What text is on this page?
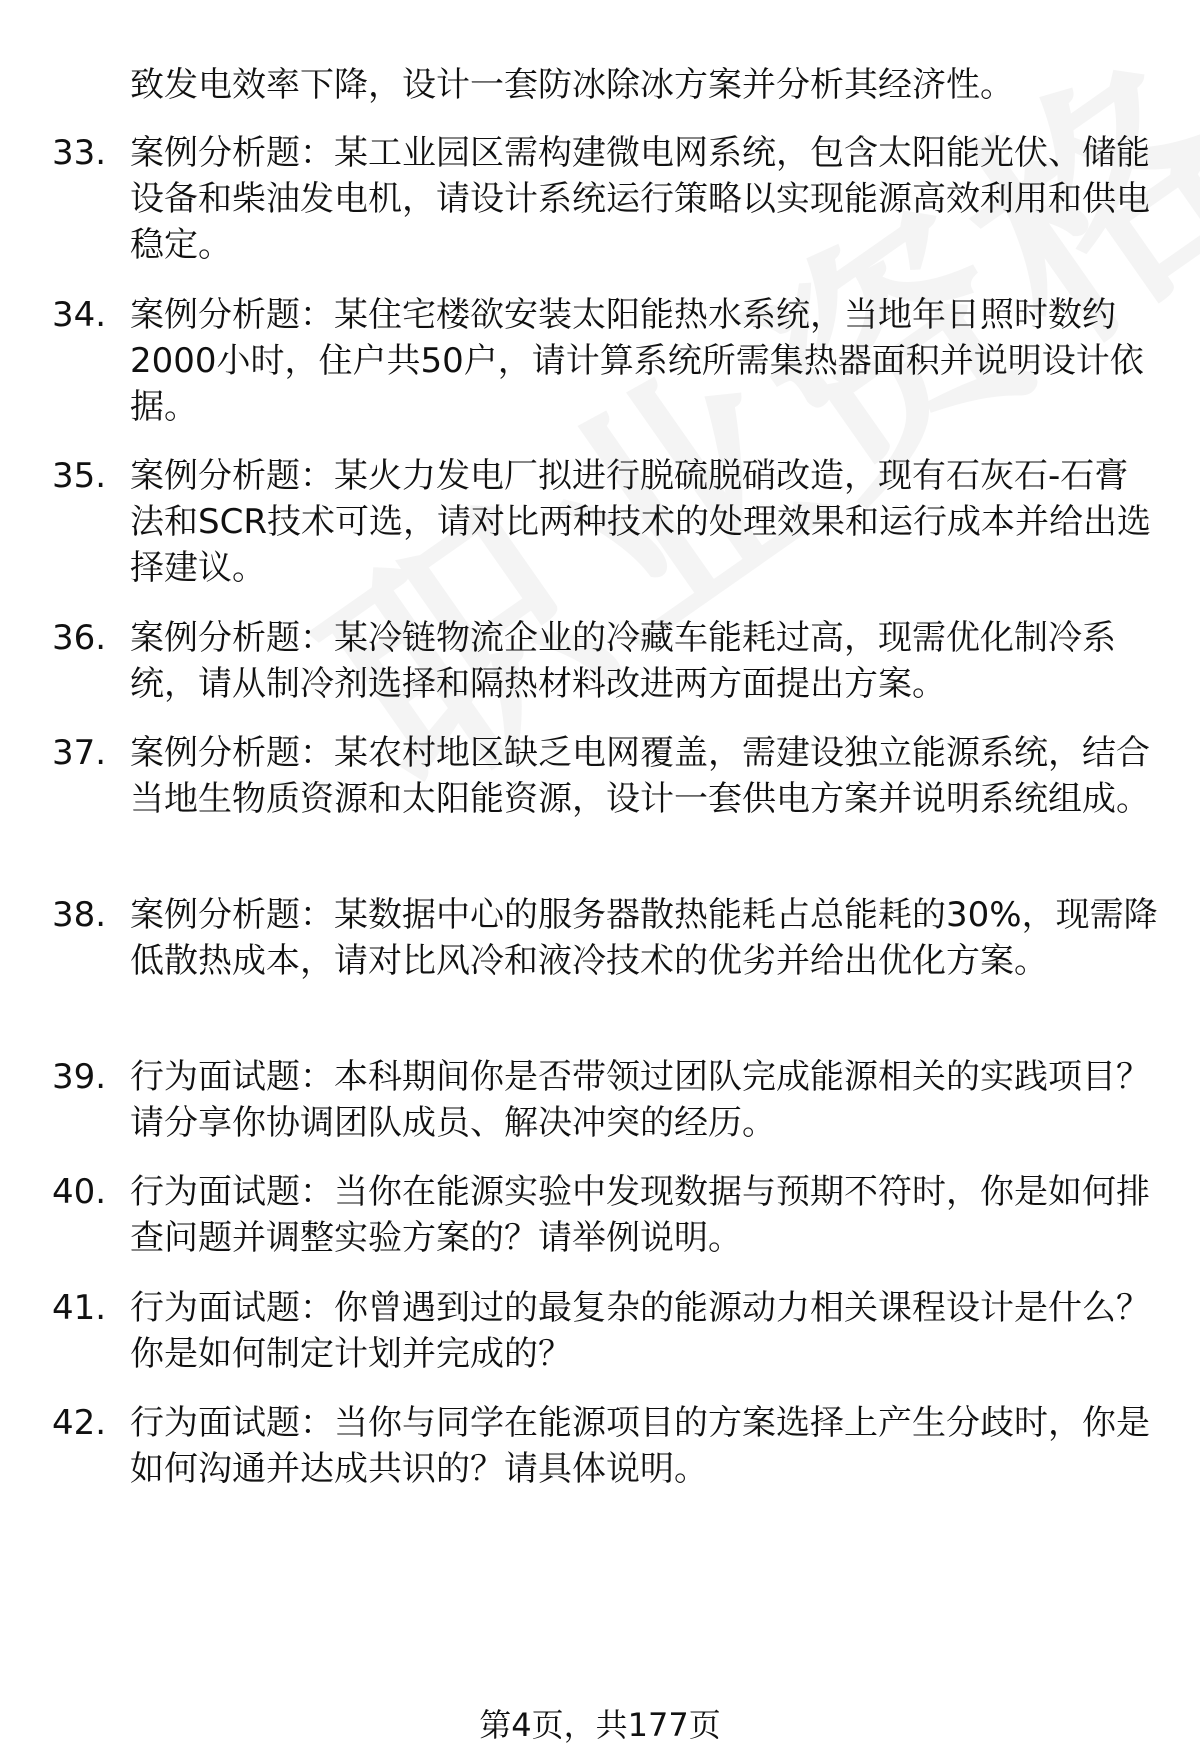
致发电效率下降，设计一套防冰除冰方案并分析其经济性。
33. 案例分析题：某工业园区需构建微电网系统，包含太阳能光伏、储能设备和柴油发电机，请设计系统运行策略以实现能源高效利用和供电稳定。
34. 案例分析题：某住宅楼欲安装太阳能热水系统，当地年日照时数约2000小时，住户共50户，请计算系统所需集热器面积并说明设计依据。
35. 案例分析题：某火力发电厂拟进行脱硫脱硝改造，现有石灰石-石膏法和SCR技术可选，请对比两种技术的处理效果和运行成本并给出选择建议。
36. 案例分析题：某冷链物流企业的冷藏车能耗过高，现需优化制冷系统，请从制冷剂选择和隔热材料改进两方面提出方案。
37. 案例分析题：某农村地区缺乏电网覆盖，需建设独立能源系统，结合当地生物质资源和太阳能资源，设计一套供电方案并说明系统组成。
38. 案例分析题：某数据中心的服务器散热能耗占总能耗的30%，现需降低散热成本，请对比风冷和液冷技术的优劣并给出优化方案。
39. 行为面试题：本科期间你是否带领过团队完成能源相关的实践项目？请分享你协调团队成员、解决冲突的经历。
40. 行为面试题：当你在能源实验中发现数据与预期不符时，你是如何排查问题并调整实验方案的？请举例说明。
41. 行为面试题：你曾遇到过的最复杂的能源动力相关课程设计是什么？你是如何制定计划并完成的？
42. 行为面试题：当你与同学在能源项目的方案选择上产生分歧时，你是如何沟通并达成共识的？请具体说明。
第4页，共177页
